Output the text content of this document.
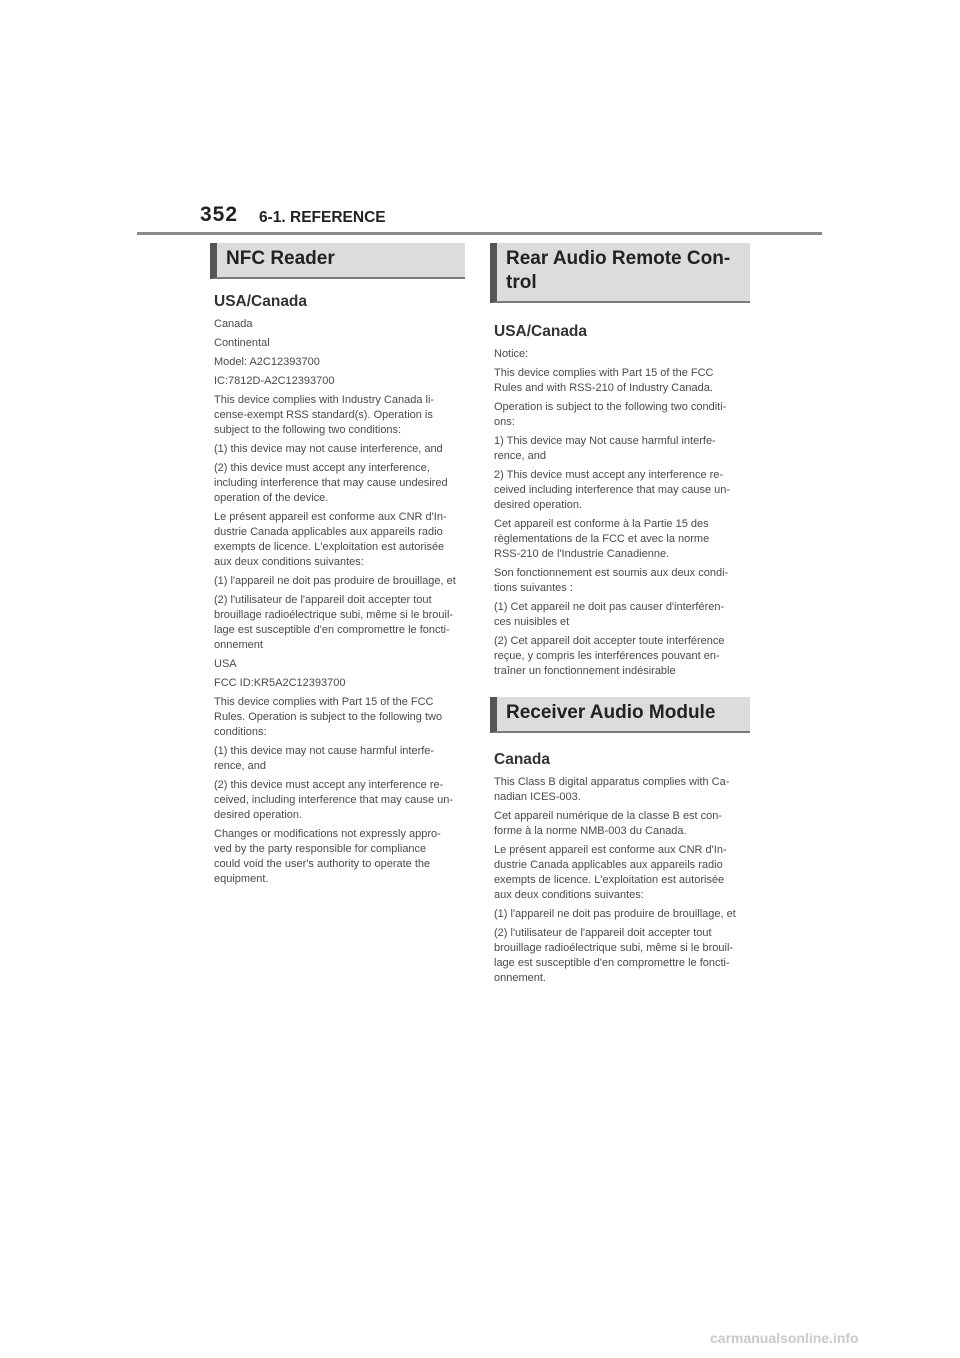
352 6-1. REFERENCE
NFC Reader
USA/Canada
Canada
Continental
Model: A2C12393700
IC:7812D-A2C12393700
This device complies with Industry Canada li-
cense-exempt RSS standard(s). Operation is
subject to the following two conditions:
(1) this device may not cause interference, and
(2) this device must accept any interference,
including interference that may cause undesired
operation of the device.
Le présent appareil est conforme aux CNR d'In-
dustrie Canada applicables aux appareils radio
exempts de licence. L'exploitation est autorisée
aux deux conditions suivantes:
(1) l'appareil ne doit pas produire de brouillage, et
(2) l'utilisateur de l'appareil doit accepter tout
brouillage radioélectrique subi, même si le brouil-
lage est susceptible d'en compromettre le foncti-
onnement
USA
FCC ID:KR5A2C12393700
This device complies with Part 15 of the FCC
Rules. Operation is subject to the following two
conditions:
(1) this device may not cause harmful interfe-
rence, and
(2) this device must accept any interference re-
ceived, including interference that may cause un-
desired operation.
Changes or modifications not expressly appro-
ved by the party responsible for compliance
could void the user's authority to operate the
equipment.
Rear Audio Remote Con-
trol
USA/Canada
Notice:
This device complies with Part 15 of the FCC
Rules and with RSS-210 of Industry Canada.
Operation is subject to the following two conditi-
ons:
1) This device may Not cause harmful interfe-
rence, and
2) This device must accept any interference re-
ceived including interference that may cause un-
desired operation.
Cet appareil est conforme à la Partie 15 des
règlementations de la FCC et avec la norme
RSS-210 de l'Industrie Canadienne.
Son fonctionnement est soumis aux deux condi-
tions suivantes :
(1) Cet appareil ne doit pas causer d'interféren-
ces nuisibles et
(2) Cet appareil doit accepter toute interférence
reçue, y compris les interférences pouvant en-
traîner un fonctionnement indésirable
Receiver Audio Module
Canada
This Class B digital apparatus complies with Ca-
nadian ICES-003.
Cet appareil numérique de la classe B est con-
forme à la norme NMB-003 du Canada.
Le présent appareil est conforme aux CNR d'In-
dustrie Canada applicables aux appareils radio
exempts de licence. L'exploitation est autorisée
aux deux conditions suivantes:
(1) l'appareil ne doit pas produire de brouillage, et
(2) l'utilisateur de l'appareil doit accepter tout
brouillage radioélectrique subi, même si le brouil-
lage est susceptible d'en compromettre le foncti-
onnement.
carmanualsonline.info
